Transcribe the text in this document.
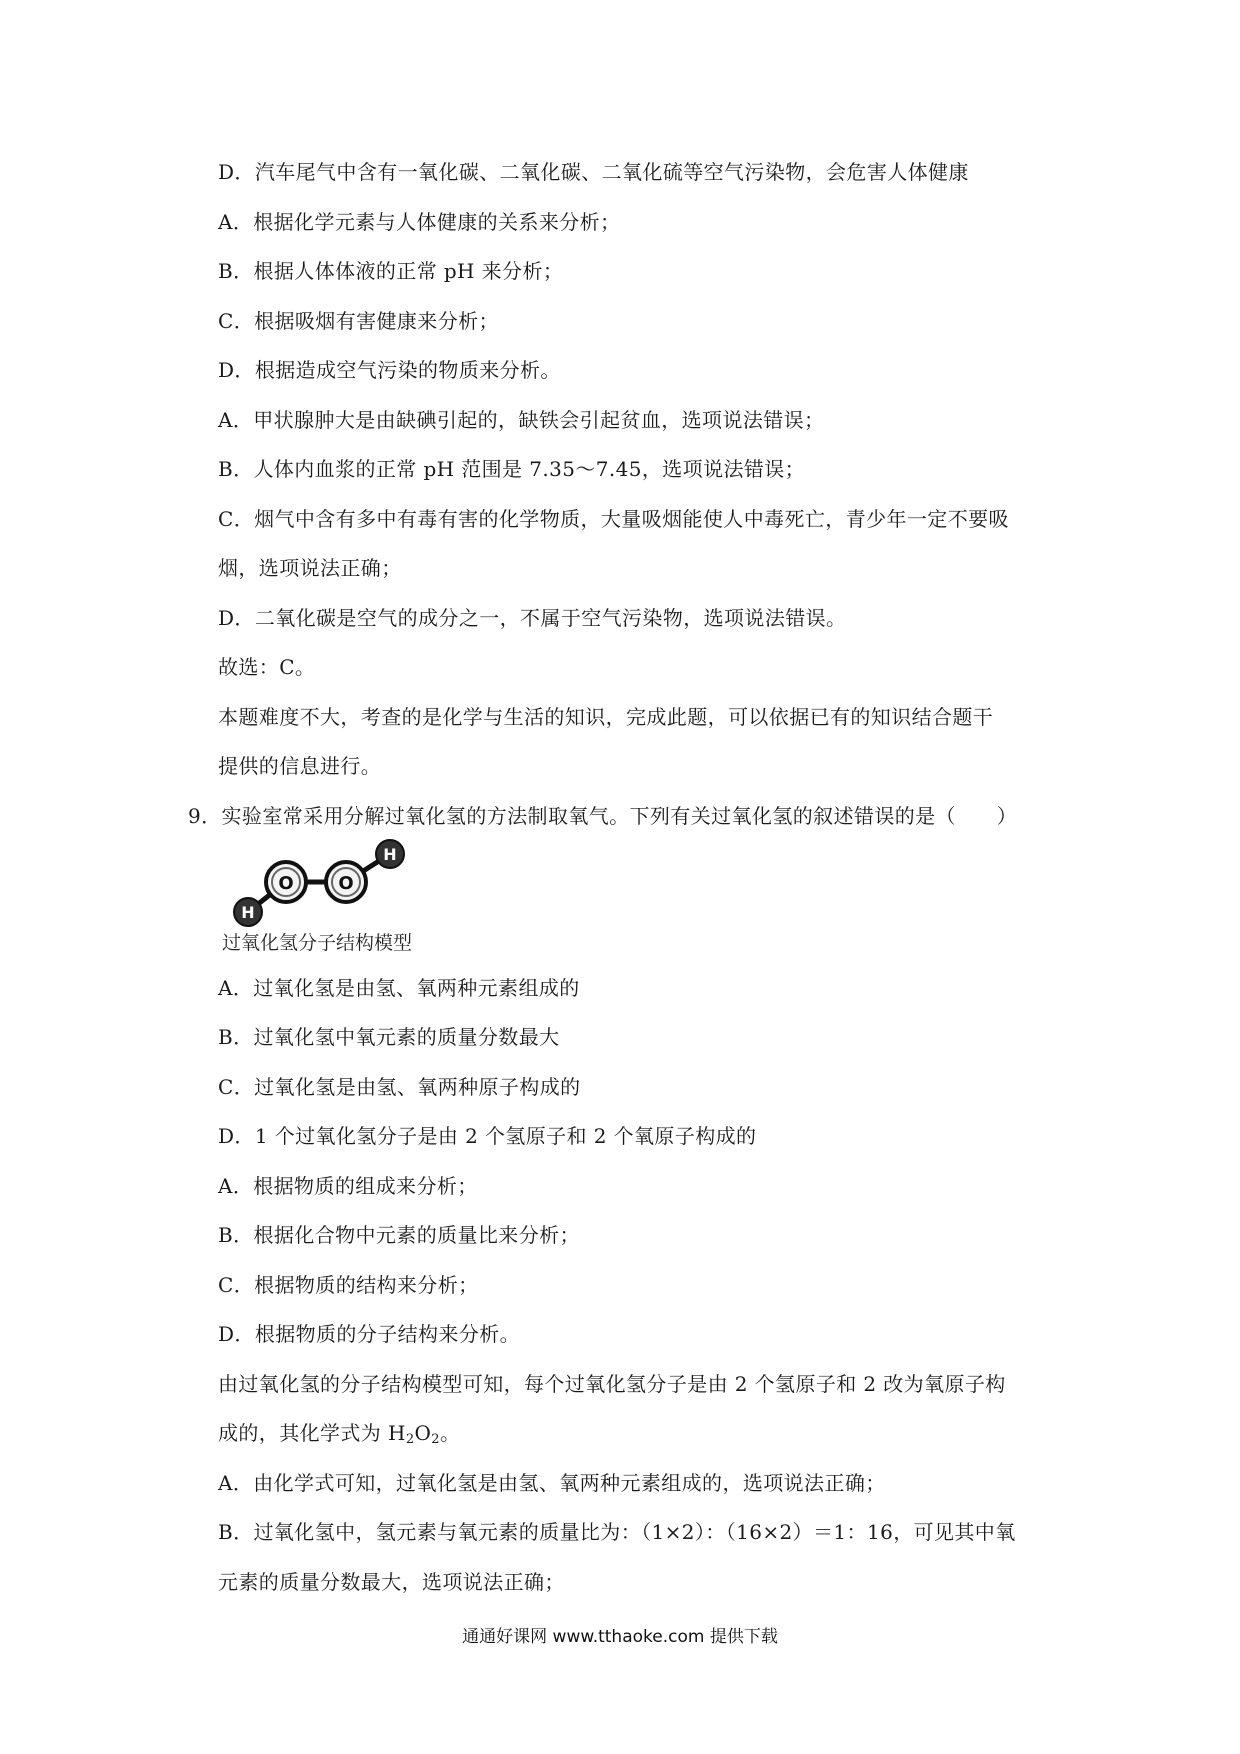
D．汽车尾气中含有一氧化碳、二氧化碳、二氧化硫等空气污染物，会危害人体健康
A．根据化学元素与人体健康的关系来分析；
B．根据人体体液的正常 pH 来分析；
C．根据吸烟有害健康来分析；
D．根据造成空气污染的物质来分析。
A．甲状腺肿大是由缺碘引起的，缺铁会引起贫血，选项说法错误；
B．人体内血浆的正常 pH 范围是 7.35～7.45，选项说法错误；
C．烟气中含有多中有毒有害的化学物质，大量吸烟能使人中毒死亡，青少年一定不要吸
烟，选项说法正确；
D．二氧化碳是空气的成分之一，不属于空气污染物，选项说法错误。
故选：C。
本题难度不大，考查的是化学与生活的知识，完成此题，可以依据已有的知识结合题干
提供的信息进行。
9．实验室常采用分解过氧化氢的方法制取氧气。下列有关过氧化氢的叙述错误的是（　　）
H
O O
H
过氧化氢分子结构模型
A．过氧化氢是由氢、氧两种元素组成的
B．过氧化氢中氧元素的质量分数最大
C．过氧化氢是由氢、氧两种原子构成的
D．1 个过氧化氢分子是由 2 个氢原子和 2 个氧原子构成的
A．根据物质的组成来分析；
B．根据化合物中元素的质量比来分析；
C．根据物质的结构来分析；
D．根据物质的分子结构来分析。
由过氧化氢的分子结构模型可知，每个过氧化氢分子是由 2 个氢原子和 2 改为氧原子构
成的，其化学式为 $H_2O_2$。
A．由化学式可知，过氧化氢是由氢、氧两种元素组成的，选项说法正确；
B．过氧化氢中，氢元素与氧元素的质量比为：（1×2）：（16×2）＝1：16，可见其中氧
元素的质量分数最大，选项说法正确；
通通好课网 www.tthaoke.com 提供下载
